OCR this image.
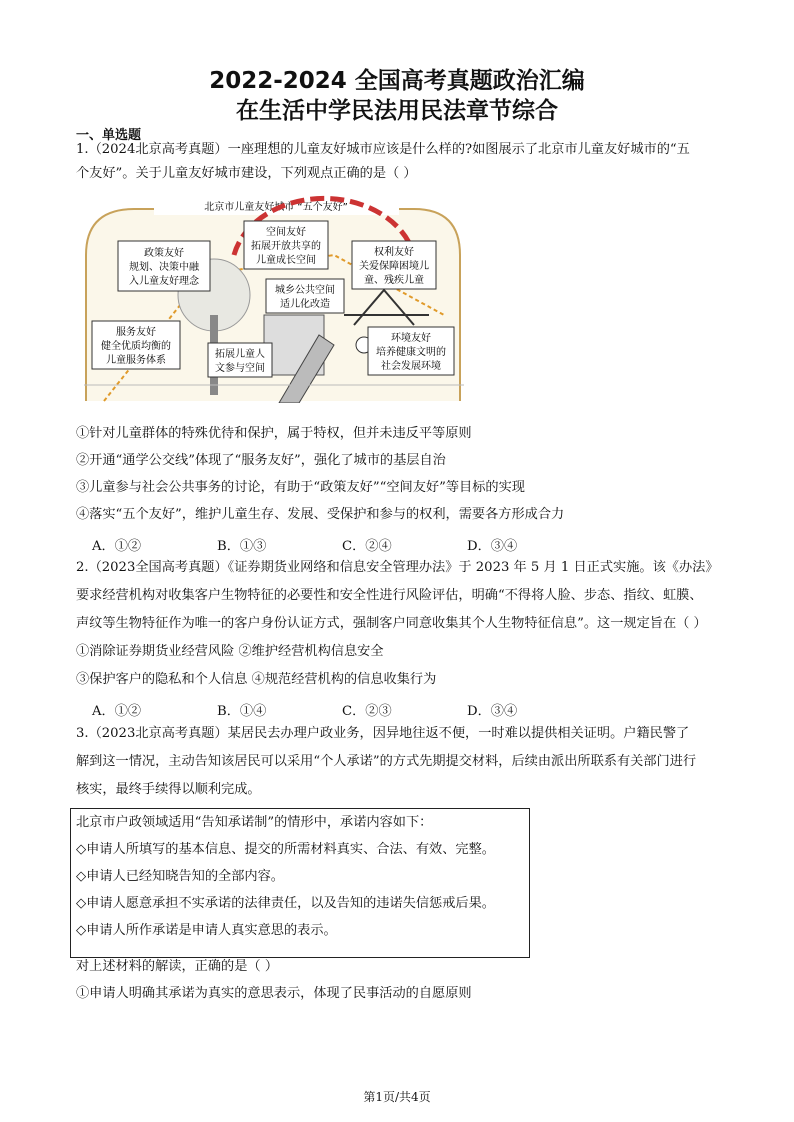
2022-2024 全国高考真题政治汇编
在生活中学民法用民法章节综合
一、单选题
1.（2024北京高考真题）一座理想的儿童友好城市应该是什么样的?如图展示了北京市儿童友好城市的“五
个友好”。关于儿童友好城市建设，下列观点正确的是（ ）
北京市儿童友好城市 “五个友好”
政策友好
规划、决策中融
入儿童友好理念
空间友好
拓展开放共享的
儿童成长空间
权利友好
关爱保障困境儿
童、残疾儿童
服务友好
健全优质均衡的
儿童服务体系
城乡公共空间
适儿化改造
拓展儿童人
文参与空间
环境友好
培养健康文明的
社会发展环境
①针对儿童群体的特殊优待和保护，属于特权，但并未违反平等原则
②开通“通学公交线”体现了“服务友好”，强化了城市的基层自治
③儿童参与社会公共事务的讨论，有助于“政策友好”“空间友好”等目标的实现
④落实“五个友好”，维护儿童生存、发展、受保护和参与的权利，需要各方形成合力
A．①②	B．①③	C．②④	D．③④
2.（2023全国高考真题）《证券期货业网络和信息安全管理办法》于 2023 年 5 月 1 日正式实施。该《办法》
要求经营机构对收集客户生物特征的必要性和安全性进行风险评估，明确“不得将人脸、步态、指纹、虹膜、
声纹等生物特征作为唯一的客户身份认证方式，强制客户同意收集其个人生物特征信息”。这一规定旨在（ ）
①消除证券期货业经营风险 ②维护经营机构信息安全
③保护客户的隐私和个人信息 ④规范经营机构的信息收集行为
A．①②	B．①④	C．②③	D．③④
3.（2023北京高考真题）某居民去办理户政业务，因异地往返不便，一时难以提供相关证明。户籍民警了
解到这一情况，主动告知该居民可以采用“个人承诺”的方式先期提交材料，后续由派出所联系有关部门进行
核实，最终手续得以顺利完成。
北京市户政领域适用“告知承诺制”的情形中，承诺内容如下：
◇申请人所填写的基本信息、提交的所需材料真实、合法、有效、完整。
◇申请人已经知晓告知的全部内容。
◇申请人愿意承担不实承诺的法律责任，以及告知的违诺失信惩戒后果。
◇申请人所作承诺是申请人真实意思的表示。
对上述材料的解读，正确的是（ ）
①申请人明确其承诺为真实的意思表示，体现了民事活动的自愿原则
第1页/共4页
